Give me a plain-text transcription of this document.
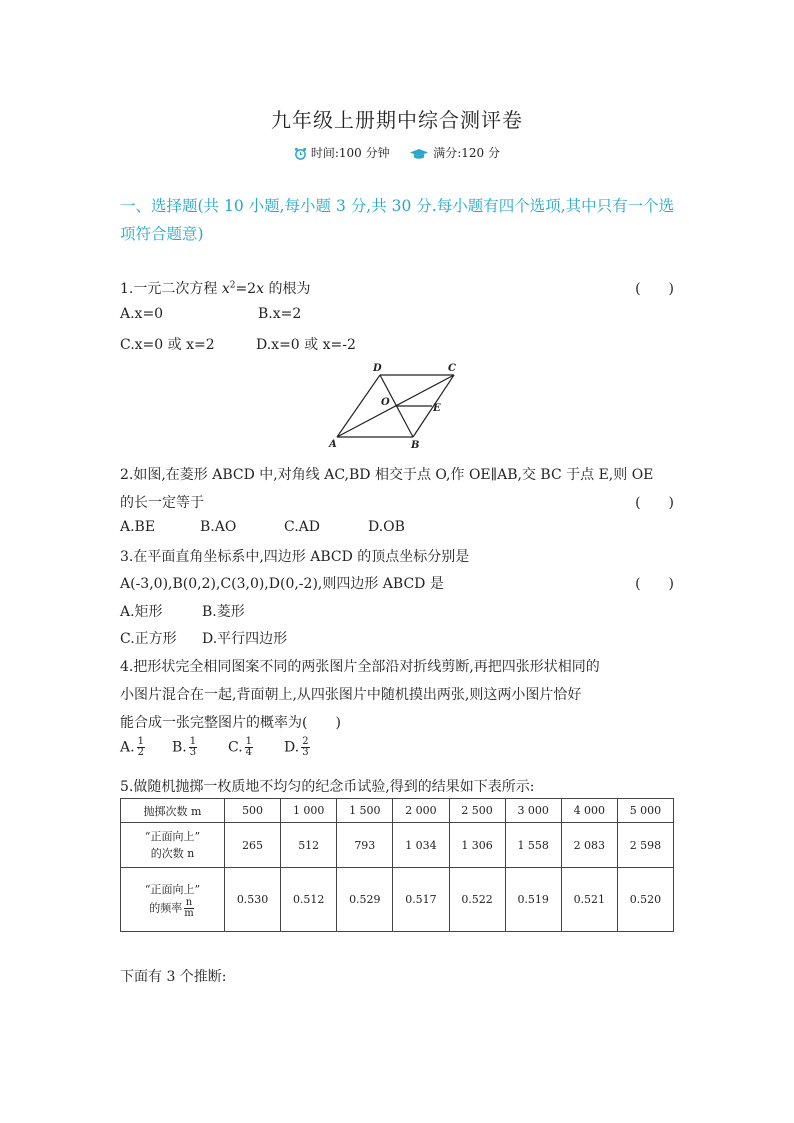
九年级上册期中综合测评卷
时间:100 分钟	满分:120 分
一、选择题(共 10 小题,每小题 3 分,共 30 分.每小题有四个选项,其中只有一个选项符合题意)
1.一元二次方程 $x^2=2x$ 的根为	(　　)
A.x=0	B.x=2
C.x=0 或 x=2	D.x=0 或 x=-2
A	B
C
D
O
E
2.如图,在菱形 ABCD 中,对角线 AC,BD 相交于点 O,作 OE∥AB,交 BC 于点 E,则 OE
的长一定等于	(　　)
A.BE	B.AO	C.AD	D.OB
3.在平面直角坐标系中,四边形 ABCD 的顶点坐标分别是
A(-3,0),B(0,2),C(3,0),D(0,-2),则四边形 ABCD 是	(　　)
A.矩形	B.菱形
C.正方形 D.平行四边形
4.把形状完全相同图案不同的两张图片全部沿对折线剪断,再把四张形状相同的
小图片混合在一起,背面朝上,从四张图片中随机摸出两张,则这两小图片恰好
能合成一张完整图片的概率为(　　)
A. $\frac{1}{2} B$. $\frac{1}{3} C$. $\frac{1}{4} D$. $\frac{2}{3}$
5.做随机抛掷一枚质地不均匀的纪念币试验,得到的结果如下表所示:
抛掷次数 m	500	1 000	1 500	2 000	2 500	3 000	4 000	5 000

“正面向上”
的次数 n	265	512	793	1 034	1 306	1 558	2 083	2 598

“正面向上”
的频率 $\frac{n}{m}$	0.530	0.512	0.529	0.517	0.522	0.519	0.521	0.520
下面有 3 个推断:
